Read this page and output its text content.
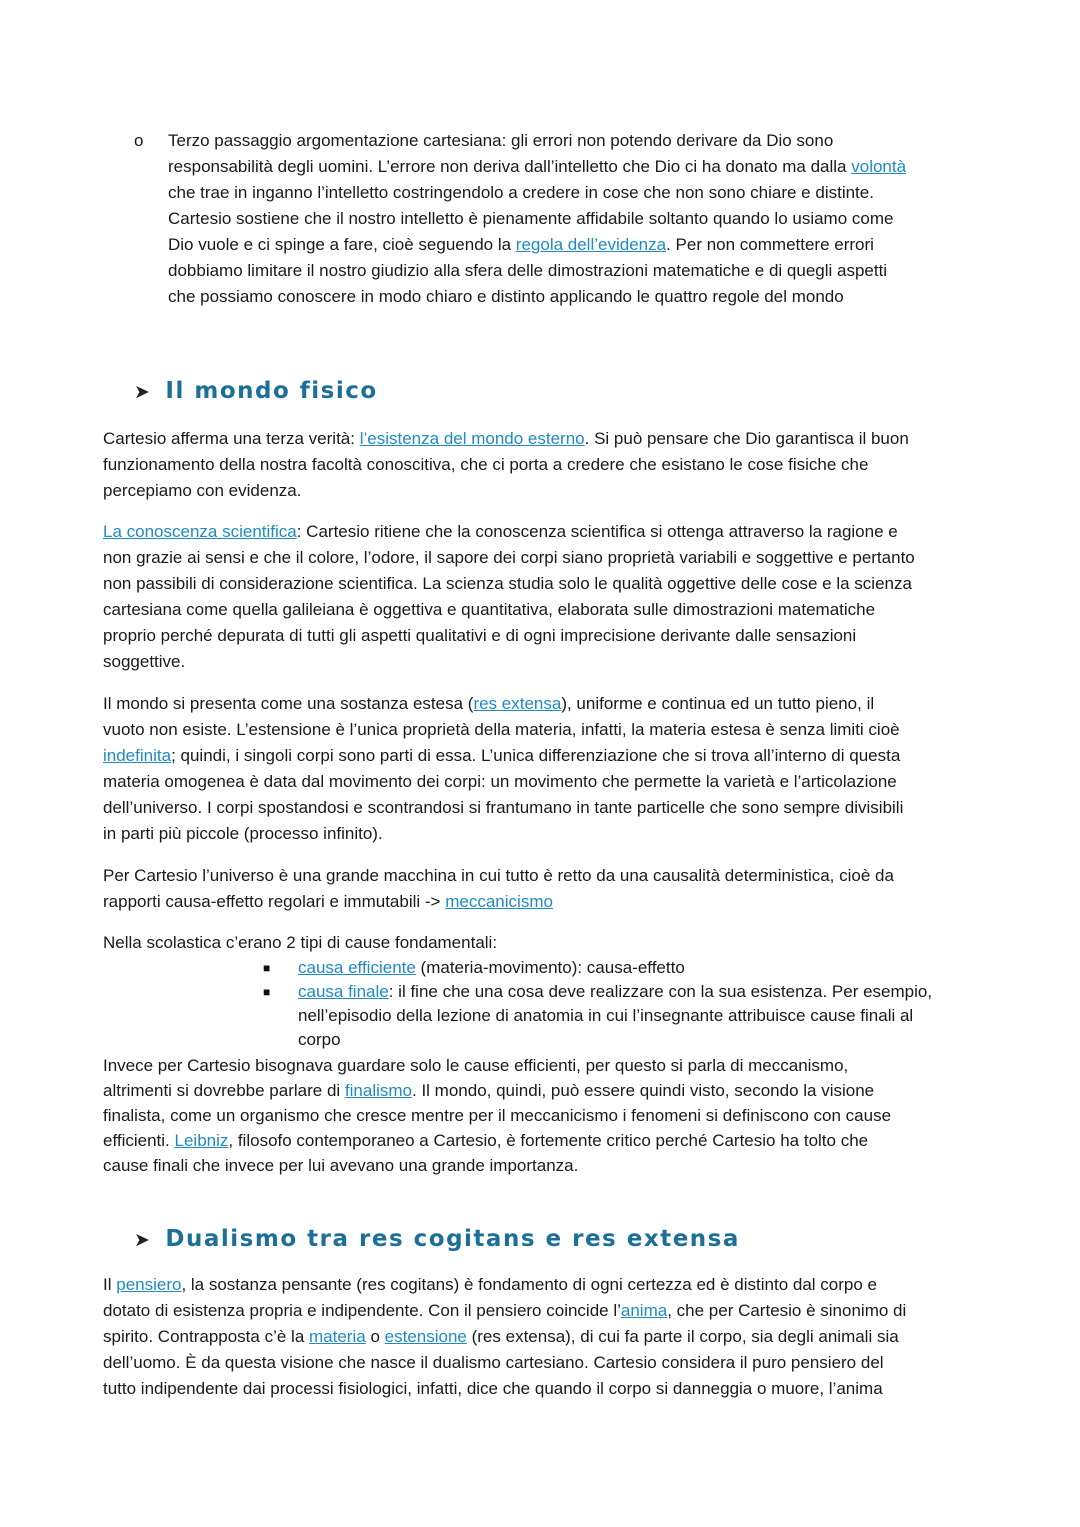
o Terzo passaggio argomentazione cartesiana: gli errori non potendo derivare da Dio sono
responsabilità degli uomini. L’errore non deriva dall’intelletto che Dio ci ha donato ma dalla volontà
che trae in inganno l’intelletto costringendolo a credere in cose che non sono chiare e distinte.
Cartesio sostiene che il nostro intelletto è pienamente affidabile soltanto quando lo usiamo come
Dio vuole e ci spinge a fare, cioè seguendo la regola dell’evidenza. Per non commettere errori
dobbiamo limitare il nostro giudizio alla sfera delle dimostrazioni matematiche e di quegli aspetti
che possiamo conoscere in modo chiaro e distinto applicando le quattro regole del mondo

➤ Il mondo fisico

Cartesio afferma una terza verità: l’esistenza del mondo esterno. Si può pensare che Dio garantisca il buon
funzionamento della nostra facoltà conoscitiva, che ci porta a credere che esistano le cose fisiche che
percepiamo con evidenza.

La conoscenza scientifica: Cartesio ritiene che la conoscenza scientifica si ottenga attraverso la ragione e
non grazie ai sensi e che il colore, l’odore, il sapore dei corpi siano proprietà variabili e soggettive e pertanto
non passibili di considerazione scientifica. La scienza studia solo le qualità oggettive delle cose e la scienza
cartesiana come quella galileiana è oggettiva e quantitativa, elaborata sulle dimostrazioni matematiche
proprio perché depurata di tutti gli aspetti qualitativi e di ogni imprecisione derivante dalle sensazioni
soggettive.

Il mondo si presenta come una sostanza estesa (res extensa), uniforme e continua ed un tutto pieno, il
vuoto non esiste. L’estensione è l’unica proprietà della materia, infatti, la materia estesa è senza limiti cioè
indefinita; quindi, i singoli corpi sono parti di essa. L’unica differenziazione che si trova all’interno di questa
materia omogenea è data dal movimento dei corpi: un movimento che permette la varietà e l’articolazione
dell’universo. I corpi spostandosi e scontrandosi si frantumano in tante particelle che sono sempre divisibili
in parti più piccole (processo infinito).

Per Cartesio l’universo è una grande macchina in cui tutto è retto da una causalità deterministica, cioè da
rapporti causa-effetto regolari e immutabili -> meccanicismo

Nella scolastica c’erano 2 tipi di cause fondamentali:

■ causa efficiente (materia-movimento): causa-effetto

■ causa finale: il fine che una cosa deve realizzare con la sua esistenza. Per esempio,
nell’episodio della lezione di anatomia in cui l’insegnante attribuisce cause finali al
corpo

Invece per Cartesio bisognava guardare solo le cause efficienti, per questo si parla di meccanismo,
altrimenti si dovrebbe parlare di finalismo. Il mondo, quindi, può essere quindi visto, secondo la visione
finalista, come un organismo che cresce mentre per il meccanicismo i fenomeni si definiscono con cause
efficienti. Leibniz, filosofo contemporaneo a Cartesio, è fortemente critico perché Cartesio ha tolto che
cause finali che invece per lui avevano una grande importanza.

➤ Dualismo tra res cogitans e res extensa

Il pensiero, la sostanza pensante (res cogitans) è fondamento di ogni certezza ed è distinto dal corpo e
dotato di esistenza propria e indipendente. Con il pensiero coincide l’anima, che per Cartesio è sinonimo di
spirito. Contrapposta c’è la materia o estensione (res extensa), di cui fa parte il corpo, sia degli animali sia
dell’uomo. È da questa visione che nasce il dualismo cartesiano. Cartesio considera il puro pensiero del
tutto indipendente dai processi fisiologici, infatti, dice che quando il corpo si danneggia o muore, l’anima
